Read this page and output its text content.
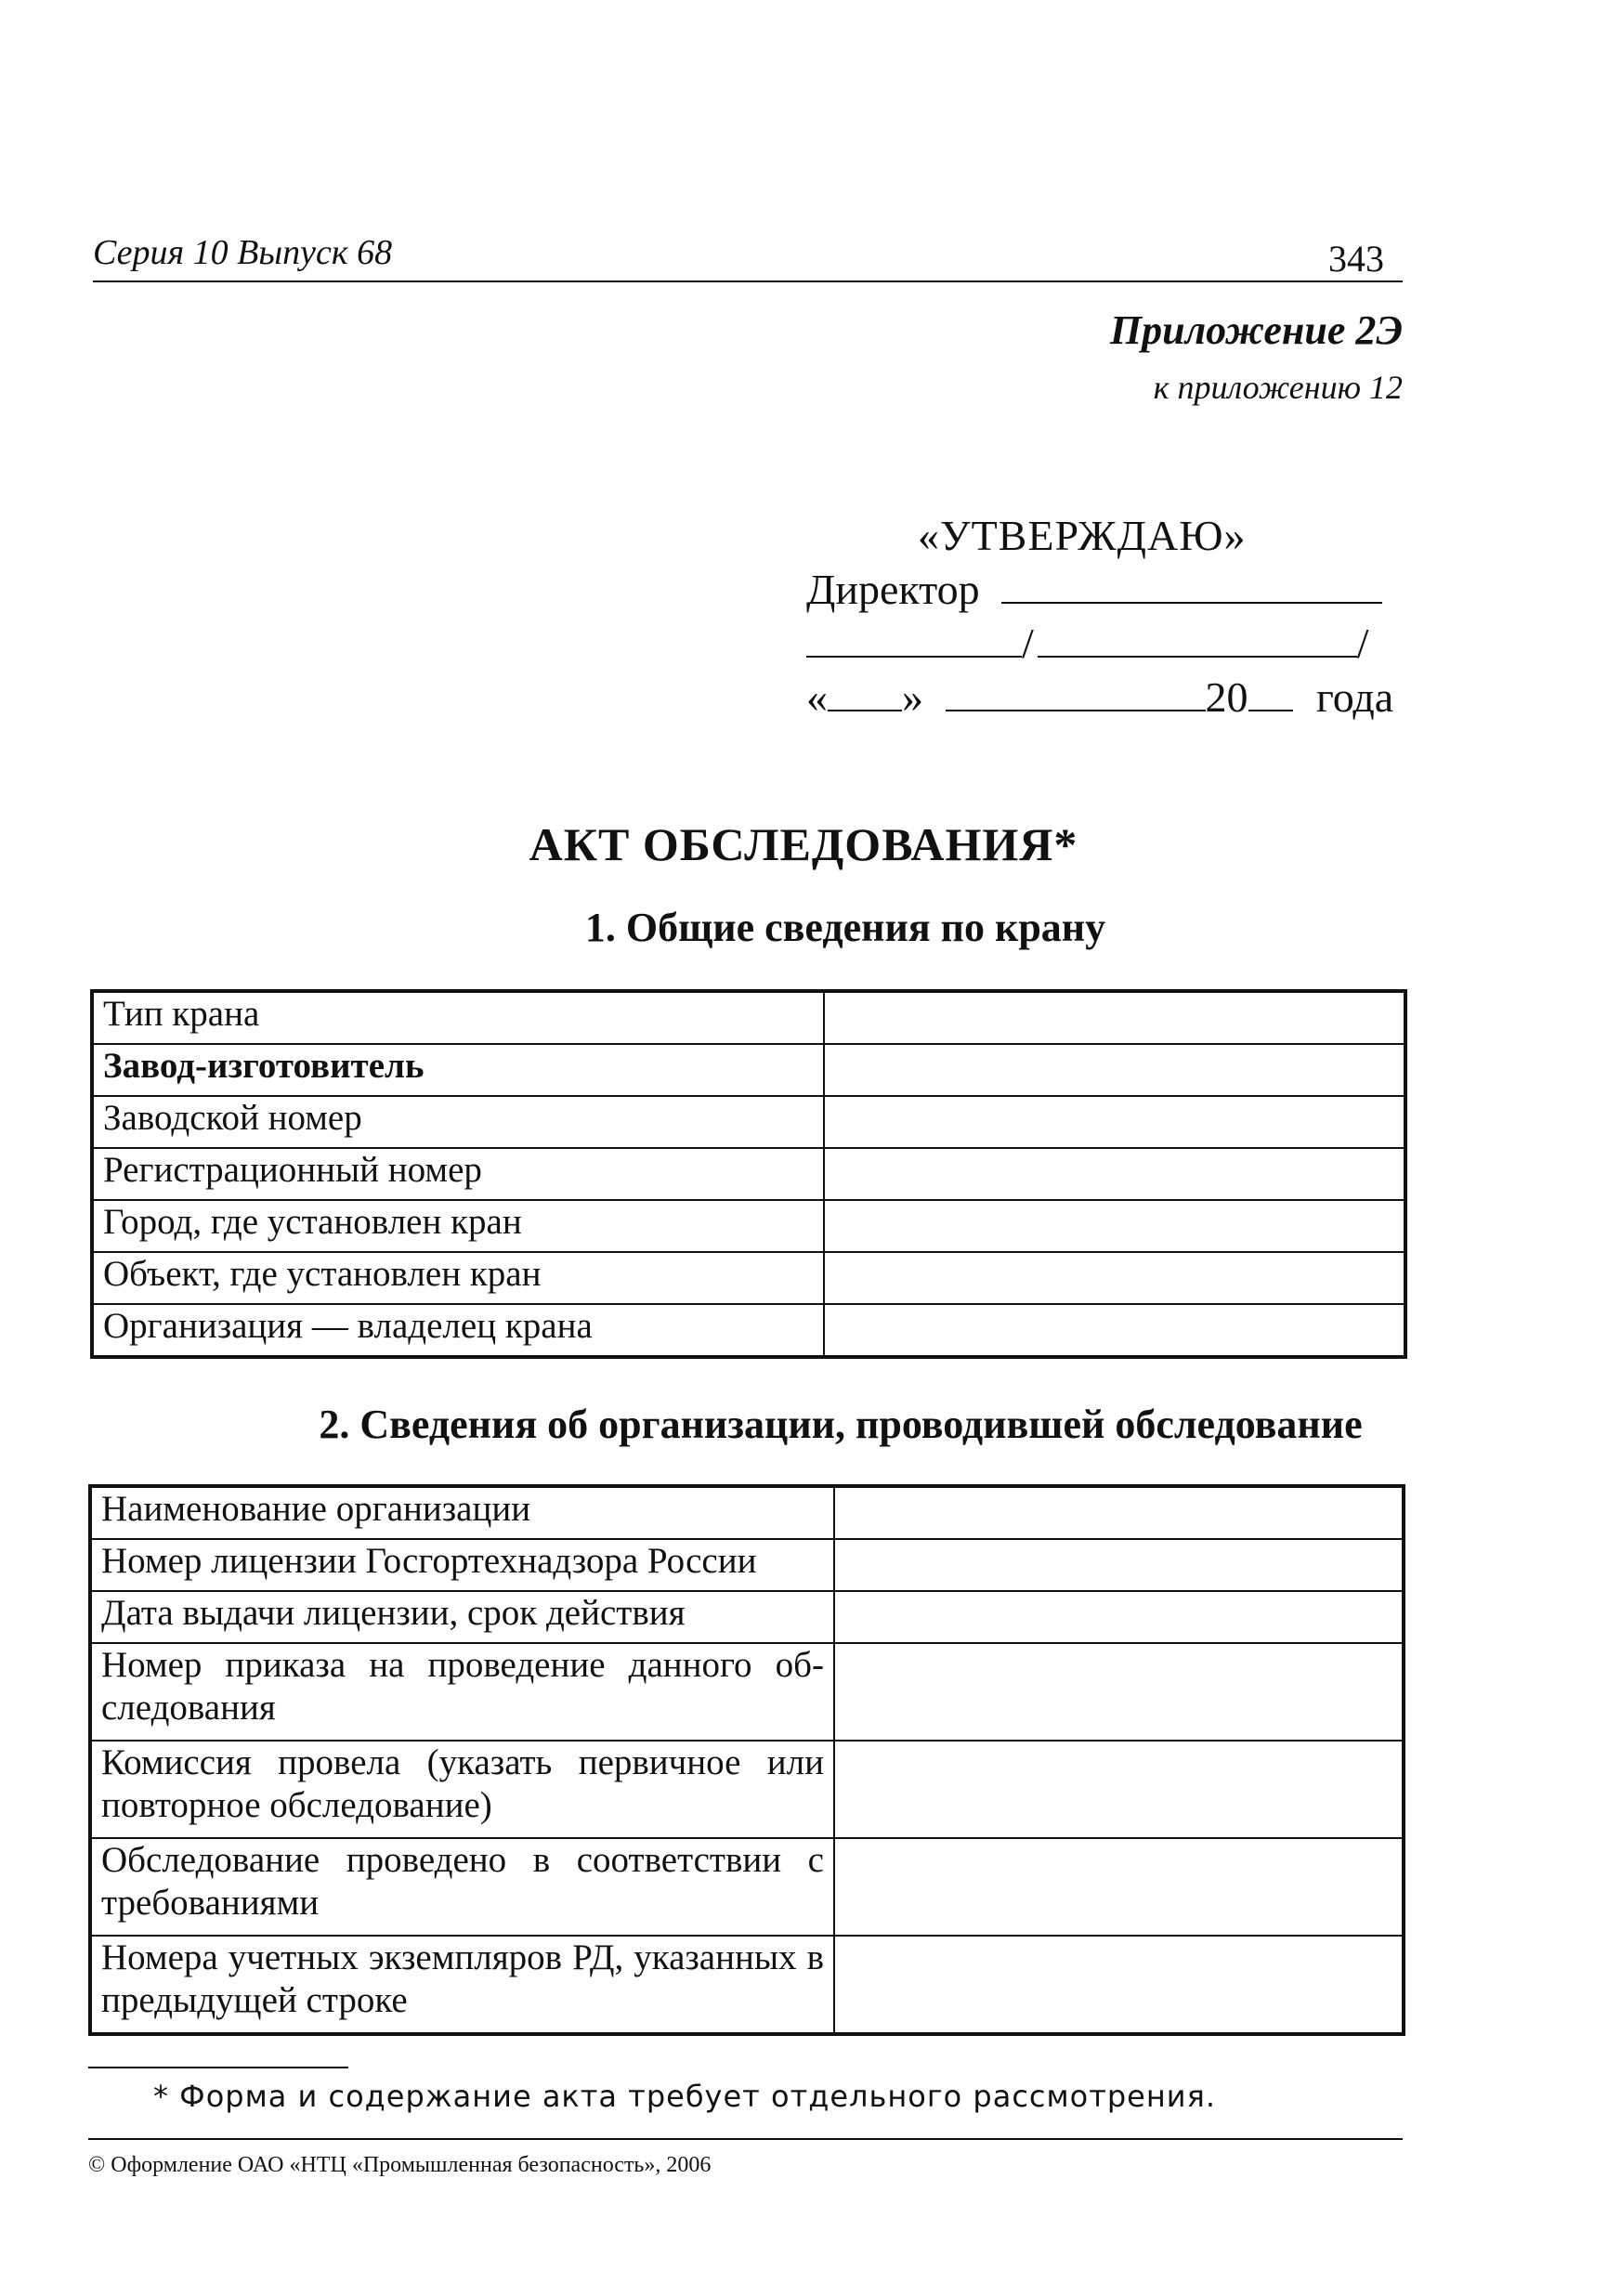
Серия 10 Выпуск 68	343
Приложение 2Э
к приложению 12
«УТВЕРЖДАЮ»
Директор
/	/
« »	20 года
АКТ ОБСЛЕДОВАНИЯ*
1. Общие сведения по крану
Тип крана	
Завод-изготовитель	
Заводской номер	
Регистрационный номер	
Город, где установлен кран	
Объект, где установлен кран	
Организация — владелец крана	
2. Сведения об организации, проводившей обследование
Наименование организации	
Номер лицензии Госгортехнадзора России	
Дата выдачи лицензии, срок действия	
Номер приказа на проведение данного обследования	
Комиссия провела (указать первичное или повторное обследование)	
Обследование проведено в соответствии с требованиями	
Номера учетных экземпляров РД, указанных в предыдущей строке	
* Форма и содержание акта требует отдельного рассмотрения.
© Оформление ОАО «НТЦ «Промышленная безопасность», 2006
